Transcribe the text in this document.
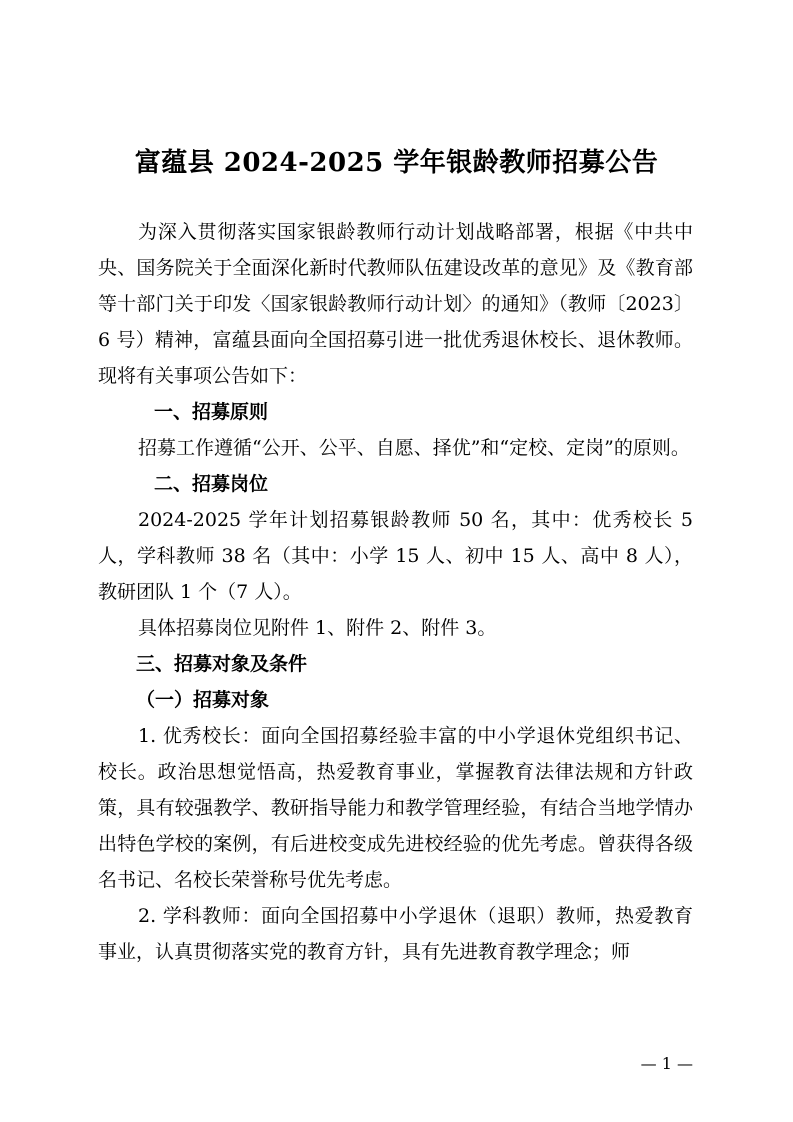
富蕴县 2024-2025 学年银龄教师招募公告

为深入贯彻落实国家银龄教师行动计划战略部署，根据《中共中央、国务院关于全面深化新时代教师队伍建设改革的意见》及《教育部等十部门关于印发〈国家银龄教师行动计划〉的通知》（教师〔2023〕6 号）精神，富蕴县面向全国招募引进一批优秀退休校长、退休教师。现将有关事项公告如下：

一、招募原则

招募工作遵循“公开、公平、自愿、择优”和“定校、定岗”的原则。

二、招募岗位

2024-2025 学年计划招募银龄教师 50 名，其中：优秀校长 5 人，学科教师 38 名（其中：小学 15 人、初中 15 人、高中 8 人），教研团队 1 个（7 人）。

具体招募岗位见附件 1、附件 2、附件 3。

三、招募对象及条件

（一）招募对象

1. 优秀校长：面向全国招募经验丰富的中小学退休党组织书记、校长。政治思想觉悟高，热爱教育事业，掌握教育法律法规和方针政策，具有较强教学、教研指导能力和教学管理经验，有结合当地学情办出特色学校的案例，有后进校变成先进校经验的优先考虑。曾获得各级名书记、名校长荣誉称号优先考虑。

2. 学科教师：面向全国招募中小学退休（退职）教师，热爱教育事业，认真贯彻落实党的教育方针，具有先进教育教学理念；师

— 1 —
